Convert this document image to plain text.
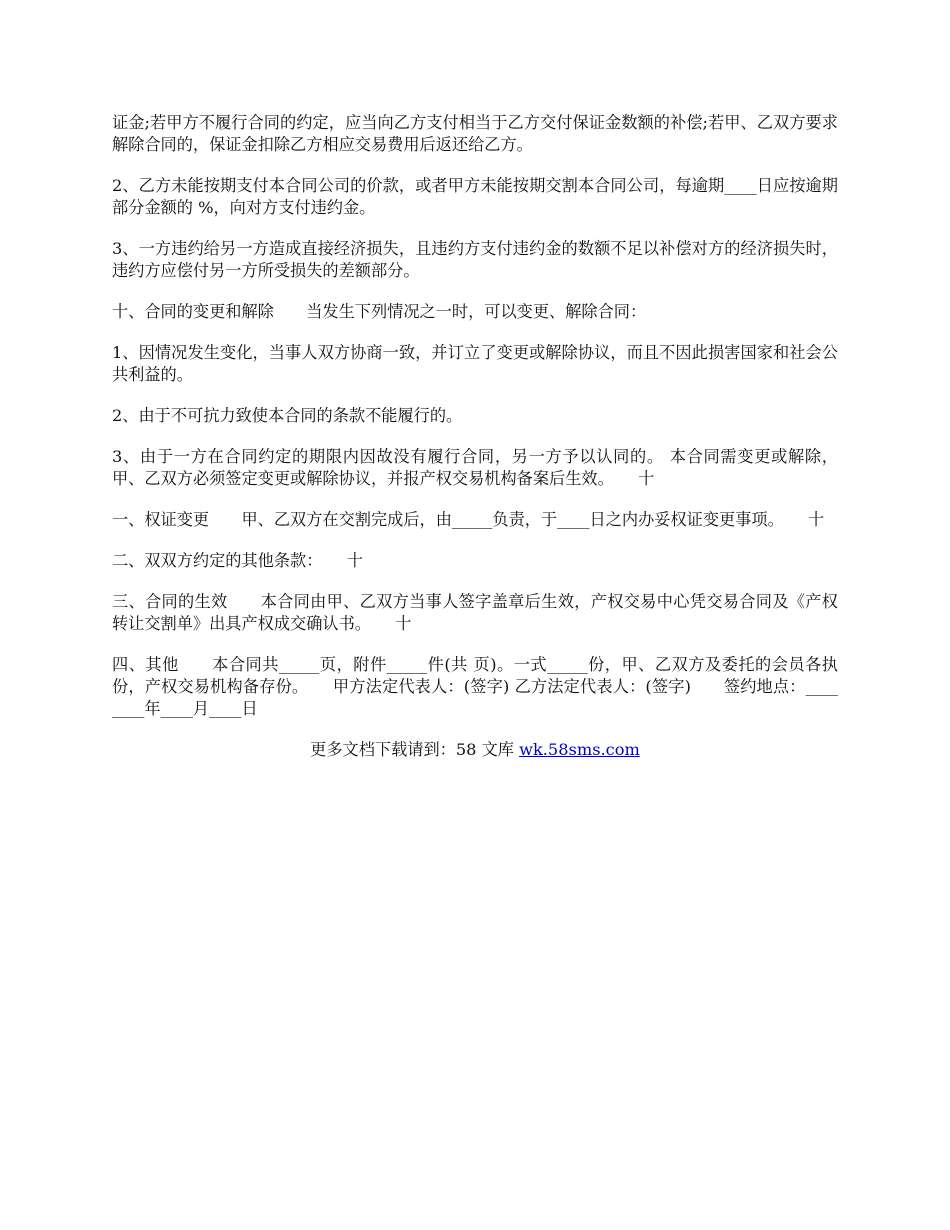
证金;若甲方不履行合同的约定，应当向乙方支付相当于乙方交付保证金数额的补偿;若甲、乙双方要求解除合同的，保证金扣除乙方相应交易费用后返还给乙方。

2、乙方未能按期支付本合同公司的价款，或者甲方未能按期交割本合同公司，每逾期____日应按逾期部分金额的 %，向对方支付违约金。

3、一方违约给另一方造成直接经济损失，且违约方支付违约金的数额不足以补偿对方的经济损失时，违约方应偿付另一方所受损失的差额部分。

十、合同的变更和解除　　当发生下列情况之一时，可以变更、解除合同：

1、因情况发生变化，当事人双方协商一致，并订立了变更或解除协议，而且不因此损害国家和社会公共利益的。

2、由于不可抗力致使本合同的条款不能履行的。

3、由于一方在合同约定的期限内因故没有履行合同，另一方予以认同的。 本合同需变更或解除，甲、乙双方必须签定变更或解除协议，并报产权交易机构备案后生效。　　十

一、权证变更　　甲、乙双方在交割完成后，由_____负责，于____日之内办妥权证变更事项。　　十

二、双双方约定的其他条款：　　十

三、合同的生效　　本合同由甲、乙双方当事人签字盖章后生效，产权交易中心凭交易合同及《产权转让交割单》出具产权成交确认书。　　十

四、其他　　本合同共_____页，附件_____件(共 页)。一式_____份，甲、乙双方及委托的会员各执 份，产权交易机构备存份。　　甲方法定代表人：(签字) 乙方法定代表人：(签字)　　签约地点：________年____月____日

更多文档下载请到：58 文库 wk.58sms.com
